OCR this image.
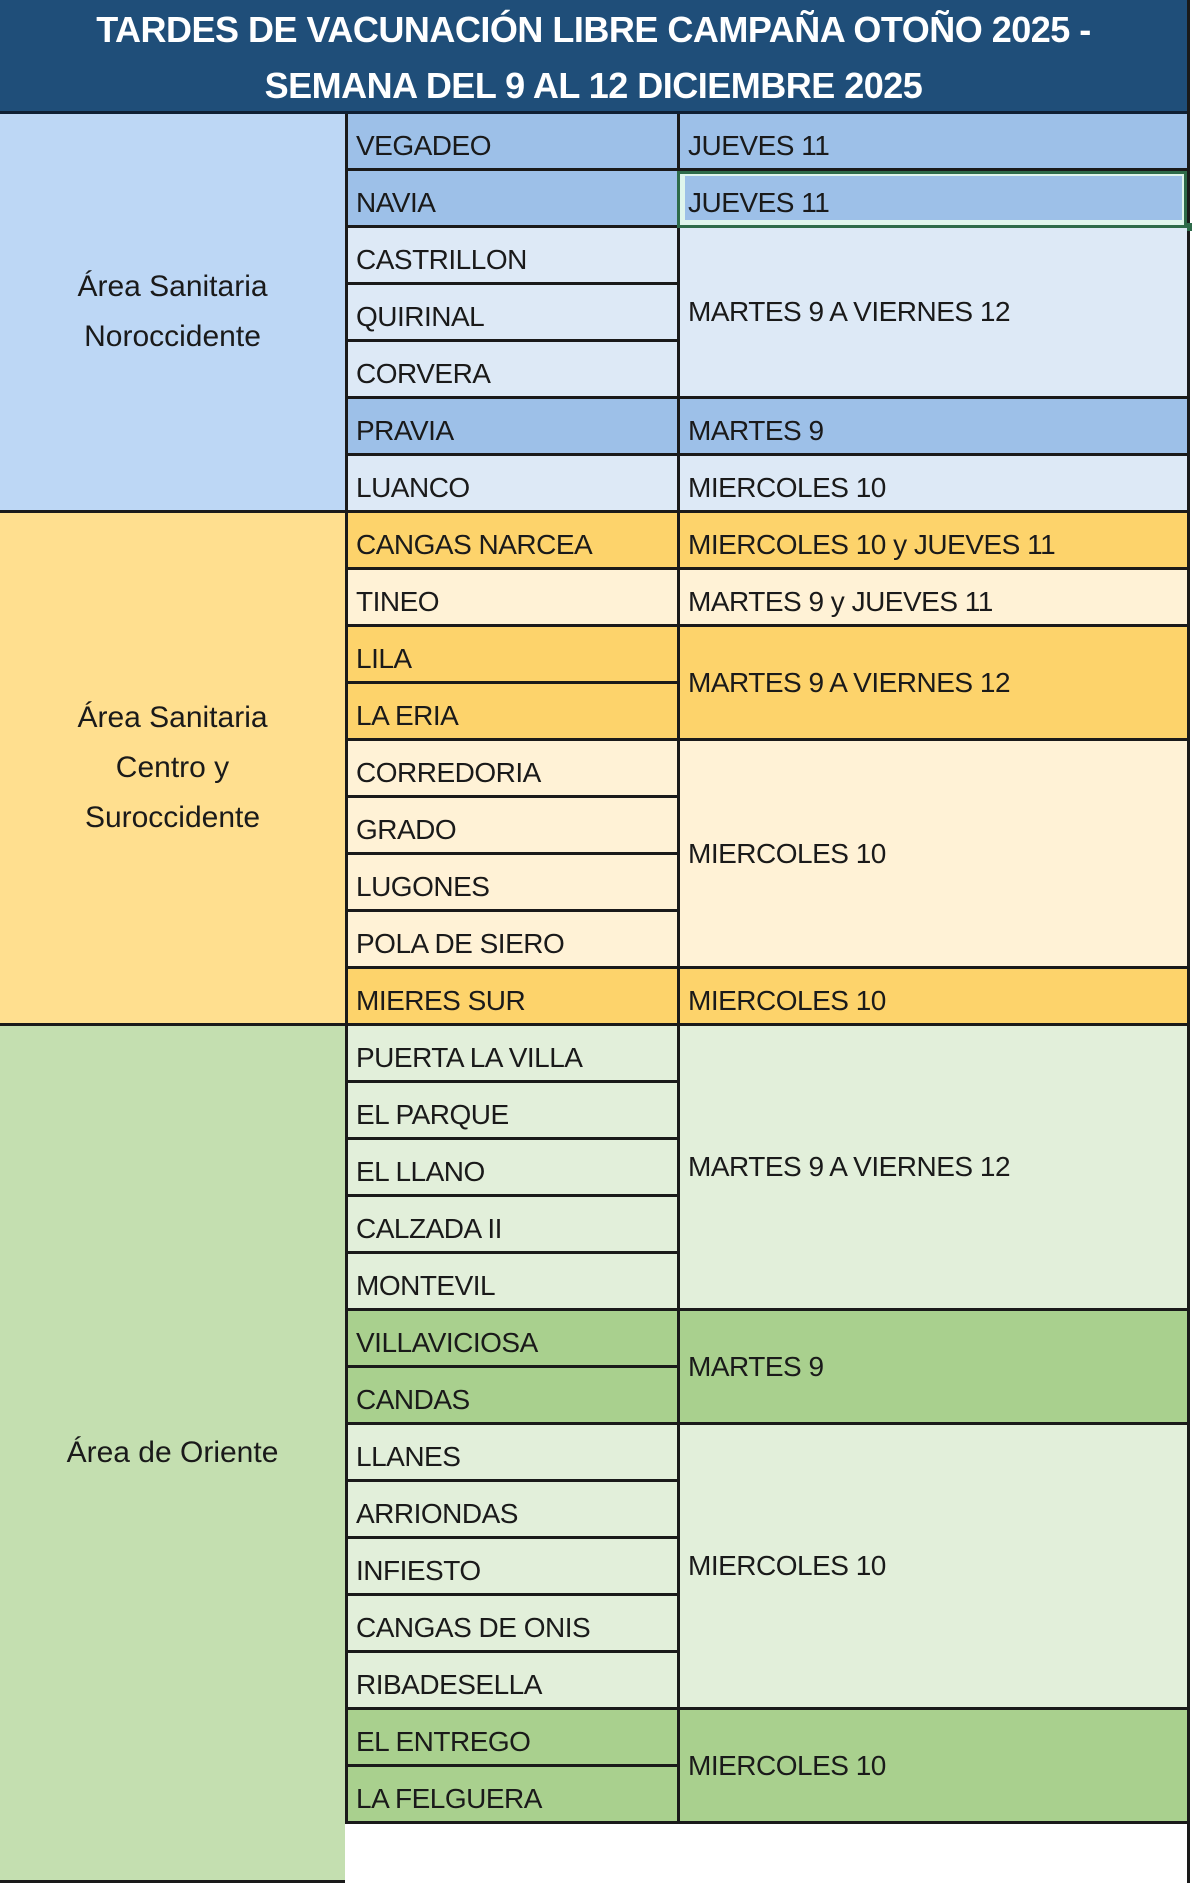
TARDES DE VACUNACIÓN LIBRE CAMPAÑA OTOÑO 2025 -
SEMANA DEL 9 AL 12 DICIEMBRE 2025
Área Sanitaria
Noroccidente
VEGADEO
NAVIA
CASTRILLON
QUIRINAL
CORVERA
PRAVIA
LUANCO
JUEVES 11
JUEVES 11
MARTES 9 A VIERNES 12
MARTES 9
MIERCOLES 10
Área Sanitaria
Centro y
Suroccidente
CANGAS NARCEA
TINEO
LILA
LA ERIA
CORREDORIA
GRADO
LUGONES
POLA DE SIERO
MIERES SUR
MIERCOLES 10 y JUEVES 11
MARTES 9 y JUEVES 11
MARTES 9 A VIERNES 12
MIERCOLES 10
MIERCOLES 10
Área de Oriente
PUERTA LA VILLA
EL PARQUE
EL LLANO
CALZADA II
MONTEVIL
VILLAVICIOSA
CANDAS
LLANES
ARRIONDAS
INFIESTO
CANGAS DE ONIS
RIBADESELLA
EL ENTREGO
LA FELGUERA
MARTES 9 A VIERNES 12
MARTES 9
MIERCOLES 10
MIERCOLES 10
